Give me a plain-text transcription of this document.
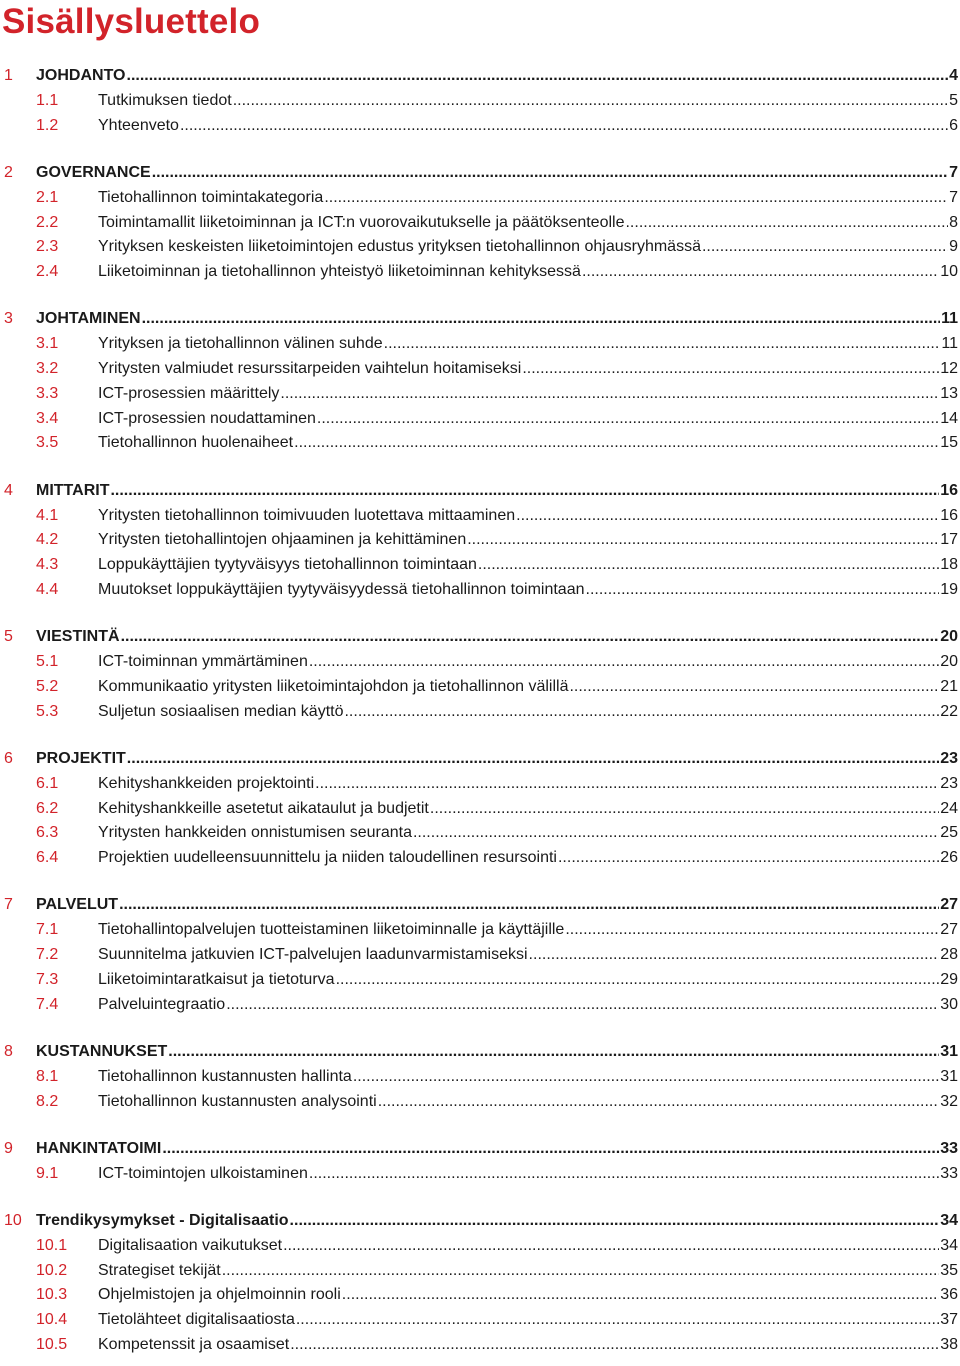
Sisällysluettelo
1	JOHDANTO .....	4
1.1	Tutkimuksen tiedot .....	5
1.2	Yhteenveto .....	6
2	GOVERNANCE .....	7
2.1	Tietohallinnon toimintakategoria .....	7
2.2	Toimintamallit liiketoiminnan ja ICT:n vuorovaikutukselle ja päätöksenteolle .....	8
2.3	Yrityksen keskeisten liiketoimintojen edustus yrityksen tietohallinnon ohjausryhmässä .....	9
2.4	Liiketoiminnan ja tietohallinnon yhteistyö liiketoiminnan kehityksessä .....	10
3	JOHTAMINEN .....	11
3.1	Yrityksen ja tietohallinnon välinen suhde .....	11
3.2	Yritysten valmiudet resurssitarpeiden vaihtelun hoitamiseksi .....	12
3.3	ICT-prosessien määrittely .....	13
3.4	ICT-prosessien noudattaminen .....	14
3.5	Tietohallinnon huolenaiheet .....	15
4	MITTARIT .....	16
4.1	Yritysten tietohallinnon toimivuuden luotettava mittaaminen .....	16
4.2	Yritysten tietohallintojen ohjaaminen ja kehittäminen .....	17
4.3	Loppukäyttäjien tyytyväisyys tietohallinnon toimintaan .....	18
4.4	Muutokset loppukäyttäjien tyytyväisyydessä tietohallinnon toimintaan .....	19
5	VIESTINTÄ .....	20
5.1	ICT-toiminnan ymmärtäminen .....	20
5.2	Kommunikaatio yritysten liiketoimintajohdon ja tietohallinnon välillä .....	21
5.3	Suljetun sosiaalisen median käyttö .....	22
6	PROJEKTIT .....	23
6.1	Kehityshankkeiden projektointi .....	23
6.2	Kehityshankkeille asetetut aikataulut ja budjetit .....	24
6.3	Yritysten hankkeiden onnistumisen seuranta .....	25
6.4	Projektien uudelleensuunnittelu ja niiden taloudellinen resursointi .....	26
7	PALVELUT .....	27
7.1	Tietohallintopalvelujen tuotteistaminen liiketoiminnalle ja käyttäjille .....	27
7.2	Suunnitelma jatkuvien ICT-palvelujen laadunvarmistamiseksi .....	28
7.3	Liiketoimintaratkaisut ja tietoturva .....	29
7.4	Palveluintegraatio .....	30
8	KUSTANNUKSET .....	31
8.1	Tietohallinnon kustannusten hallinta .....	31
8.2	Tietohallinnon kustannusten analysointi .....	32
9	HANKINTATOIMI .....	33
9.1	ICT-toimintojen ulkoistaminen .....	33
10 Trendikysymykset - Digitalisaatio .....	34
10.1	Digitalisaation vaikutukset .....	34
10.2	Strategiset tekijät .....	35
10.3	Ohjelmistojen ja ohjelmoinnin rooli .....	36
10.4	Tietolähteet digitalisaatiosta .....	37
10.5	Kompetenssit ja osaamiset .....	38
